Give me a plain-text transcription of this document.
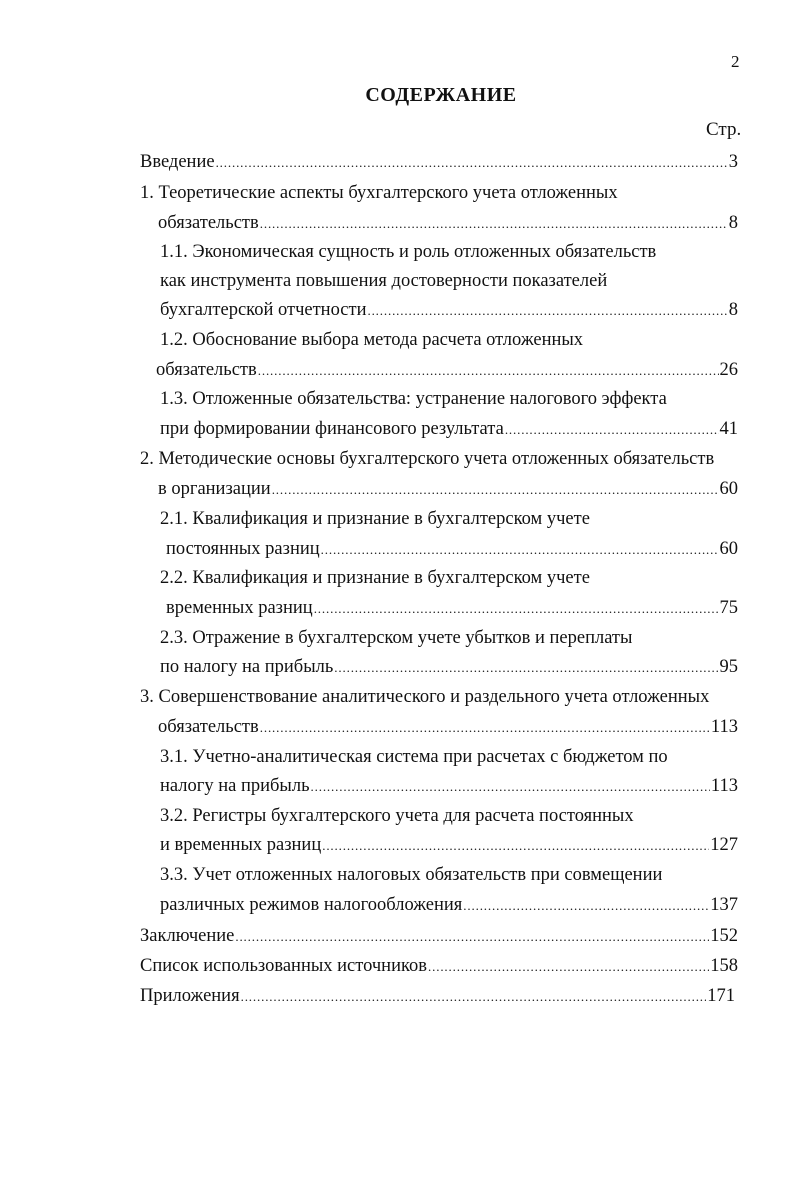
2
СОДЕРЖАНИЕ
Стр.
Введение . . .	3
1. Теоретические аспекты бухгалтерского учета отложенных
обязательств . . .	8
1.1. Экономическая сущность и роль отложенных обязательств
как инструмента повышения достоверности показателей
бухгалтерской отчетности . . .	8
1.2. Обоснование выбора метода расчета отложенных
обязательств . . .	26
1.3. Отложенные обязательства: устранение налогового эффекта
при формировании финансового результата . . .	41
2. Методические основы бухгалтерского учета отложенных обязательств
в организации . . .	60
2.1. Квалификация и признание в бухгалтерском учете
постоянных разниц . . .	60
2.2. Квалификация и признание в бухгалтерском учете
временных разниц . . .	75
2.3. Отражение в бухгалтерском учете убытков и переплаты
по налогу на прибыль . . .	95
3. Совершенствование аналитического и раздельного учета отложенных
обязательств . . .	113
3.1. Учетно-аналитическая система при расчетах с бюджетом по
налогу на прибыль . . .	113
3.2. Регистры бухгалтерского учета для расчета постоянных
и временных разниц . . .	127
3.3. Учет отложенных налоговых обязательств при совмещении
различных режимов налогообложения . . .	137
Заключение . . .	152
Список использованных источников . . .	158
Приложения . . .	171
